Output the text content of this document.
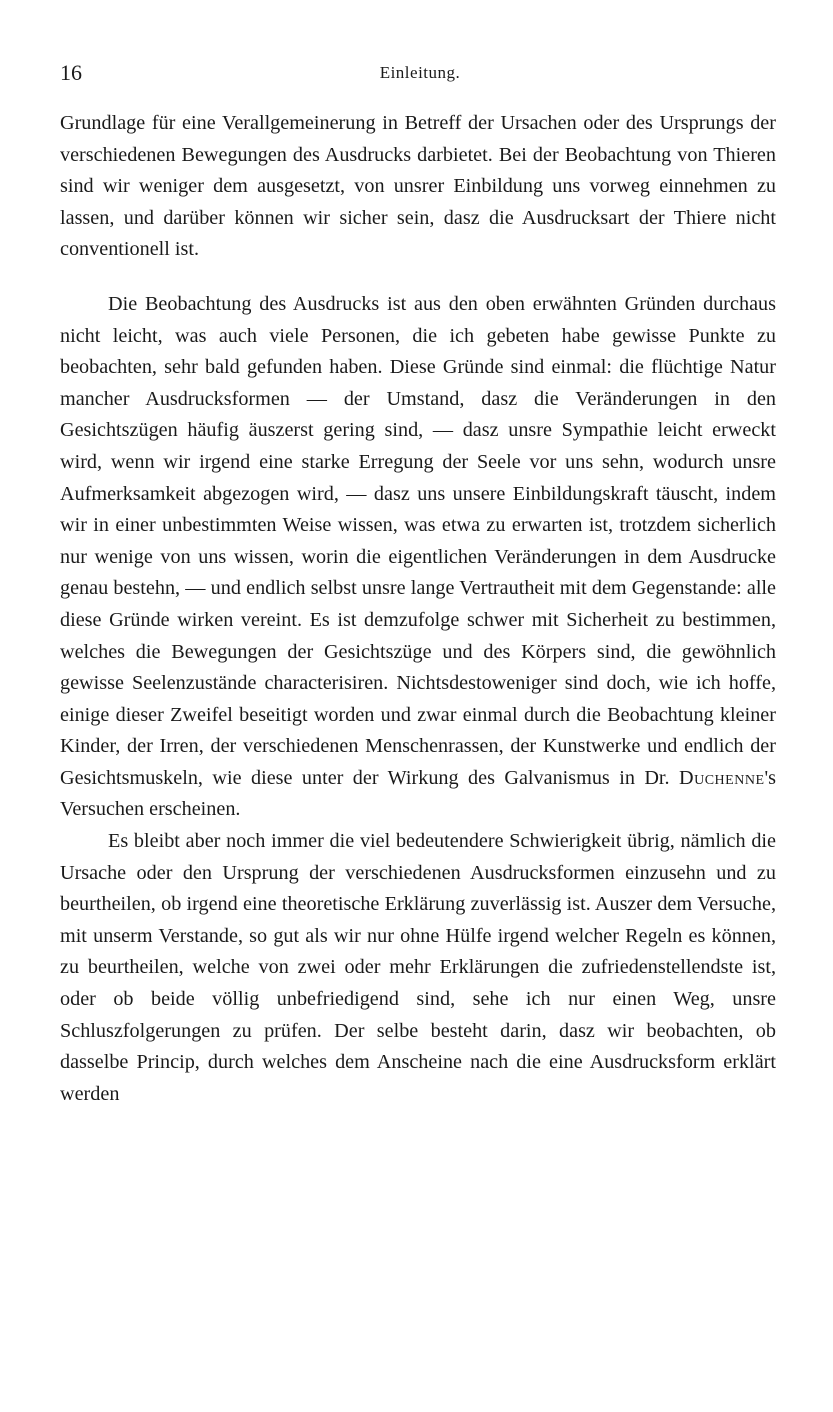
16	Einleitung.

Grundlage für eine Verallgemeinerung in Betreff der Ursachen oder des Ursprungs der verschiedenen Bewegungen des Ausdrucks darbietet. Bei der Beobachtung von Thieren sind wir weniger dem ausgesetzt, von unsrer Einbildung uns vorweg einnehmen zu lassen, und darüber können wir sicher sein, dasz die Ausdrucksart der Thiere nicht conventionell ist.

Die Beobachtung des Ausdrucks ist aus den oben erwähnten Gründen durchaus nicht leicht, was auch viele Personen, die ich gebeten habe gewisse Punkte zu beobachten, sehr bald gefunden haben. Diese Gründe sind einmal: die flüchtige Natur mancher Ausdrucksformen — der Umstand, dasz die Veränderungen in den Gesichtszügen häufig äuszerst gering sind, — dasz unsre Sympathie leicht erweckt wird, wenn wir irgend eine starke Erregung der Seele vor uns sehn, wodurch unsre Aufmerksamkeit abgezogen wird, — dasz uns unsere Einbildungskraft täuscht, indem wir in einer unbestimmten Weise wissen, was etwa zu erwarten ist, trotzdem sicherlich nur wenige von uns wissen, worin die eigentlichen Veränderungen in dem Ausdrucke genau bestehn, — und endlich selbst unsre lange Vertrautheit mit dem Gegenstande: alle diese Gründe wirken vereint. Es ist demzufolge schwer mit Sicherheit zu bestimmen, welches die Bewegungen der Gesichtszüge und des Körpers sind, die gewöhnlich gewisse Seelenzustände characterisiren. Nichtsdestoweniger sind doch, wie ich hoffe, einige dieser Zweifel beseitigt worden und zwar einmal durch die Beobachtung kleiner Kinder, der Irren, der verschiedenen Menschenrassen, der Kunstwerke und endlich der Gesichtsmuskeln, wie diese unter der Wirkung des Galvanismus in Dr. Duchenne's Versuchen erscheinen.

Es bleibt aber noch immer die viel bedeutendere Schwierigkeit übrig, nämlich die Ursache oder den Ursprung der verschiedenen Ausdrucksformen einzusehn und zu beurtheilen, ob irgend eine theoretische Erklärung zuverlässig ist. Auszer dem Versuche, mit unserm Verstande, so gut als wir nur ohne Hülfe irgend welcher Regeln es können, zu beurtheilen, welche von zwei oder mehr Erklärungen die zufriedenstellendste ist, oder ob beide völlig unbefriedigend sind, sehe ich nur einen Weg, unsre Schluszfolgerungen zu prüfen. Der selbe besteht darin, dasz wir beobachten, ob dasselbe Princip, durch welches dem Anscheine nach die eine Ausdrucksform erklärt werden
